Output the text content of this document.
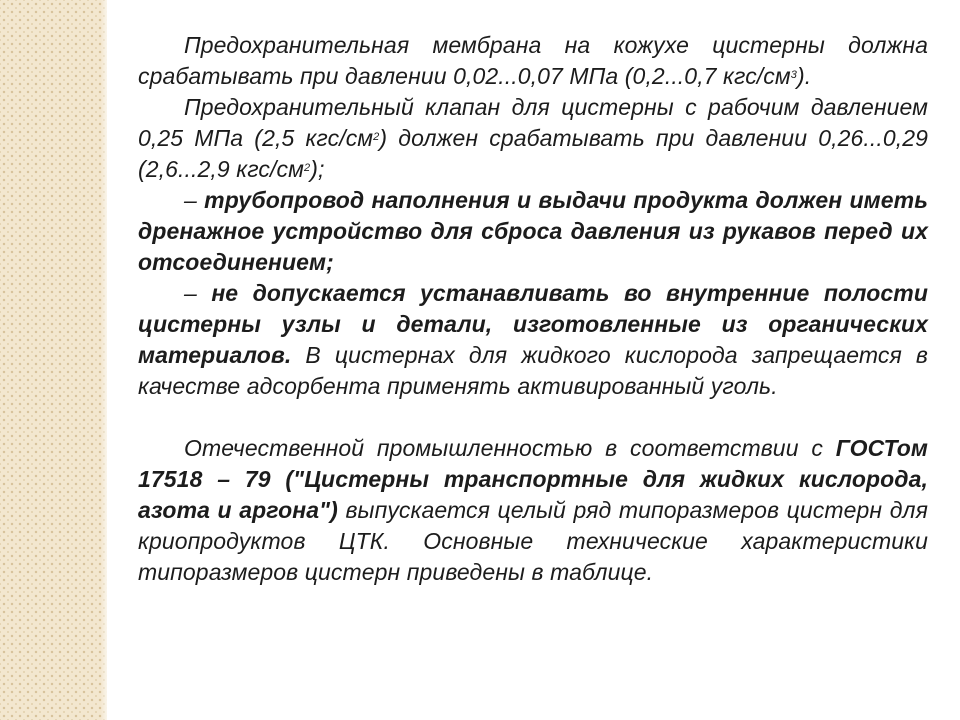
Предохранительная мембрана на кожухе цистерны должна срабатывать при давлении 0,02...0,07 МПа (0,2...0,7 кгс/$см^3$).

Предохранительный клапан для цистерны с рабочим давлением 0,25 МПа (2,5 кгс/$см^2$) должен срабатывать при давлении 0,26...0,29 (2,6...2,9 кгс/$см^2$);

– трубопровод наполнения и выдачи продукта должен иметь дренажное устройство для сброса давления из рукавов перед их отсоединением;

– не допускается устанавливать во внутренние полости цистерны узлы и детали, изготовленные из органических материалов. В цистернах для жидкого кислорода запрещается в качестве адсорбента применять активированный уголь.

Отечественной промышленностью в соответствии с ГОСТом 17518 – 79 ("Цистерны транспортные для жидких кислорода, азота и аргона") выпускается целый ряд типоразмеров цистерн для криопродуктов ЦТК. Основные технические характеристики типоразмеров цистерн приведены в таблице.
